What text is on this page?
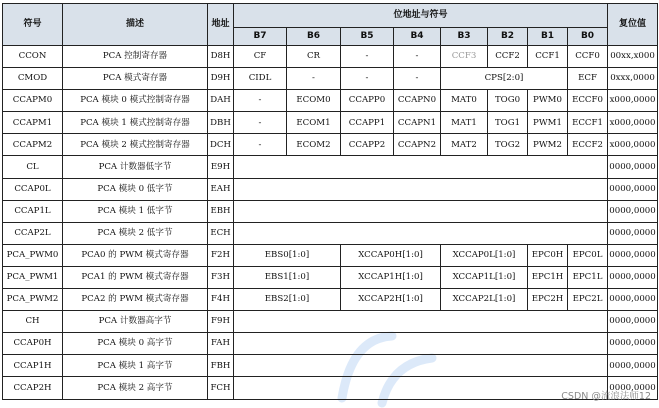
符号	描述	地址	位地址与符号								复位值
			B7	B6	B5	B4	B3	B2	B1	B0	
CCON	PCA 控制寄存器	D8H	CF	CR	-	-	CCF3	CCF2	CCF1	CCF0	00xx,x000
CMOD	PCA 模式寄存器	D9H	CIDL	-	-	-	CPS[2:0]			ECF	0xxx,0000
CCAPM0	PCA 模块 0 模式控制寄存器	DAH	-	ECOM0	CCAPP0	CCAPN0	MAT0	TOG0	PWM0	ECCF0	x000,0000
CCAPM1	PCA 模块 1 模式控制寄存器	DBH	-	ECOM1	CCAPP1	CCAPN1	MAT1	TOG1	PWM1	ECCF1	x000,0000
CCAPM2	PCA 模块 2 模式控制寄存器	DCH	-	ECOM2	CCAPP2	CCAPN2	MAT2	TOG2	PWM2	ECCF2	x000,0000
CL	PCA 计数器低字节	E9H									0000,0000
CCAP0L	PCA 模块 0 低字节	EAH									0000,0000
CCAP1L	PCA 模块 1 低字节	EBH									0000,0000
CCAP2L	PCA 模块 2 低字节	ECH									0000,0000
PCA_PWM0	PCA0 的 PWM 模式寄存器	F2H	EBS0[1:0]		XCCAP0H[1:0]		XCCAP0L[1:0]		EPC0H	EPC0L	0000,0000
PCA_PWM1	PCA1 的 PWM 模式寄存器	F3H	EBS1[1:0]		XCCAP1H[1:0]		XCCAP1L[1:0]		EPC1H	EPC1L	0000,0000
PCA_PWM2	PCA2 的 PWM 模式寄存器	F4H	EBS2[1:0]		XCCAP2H[1:0]		XCCAP2L[1:0]		EPC2H	EPC2L	0000,0000
CH	PCA 计数器高字节	F9H									0000,0000
CCAP0H	PCA 模块 0 高字节	FAH									0000,0000
CCAP1H	PCA 模块 1 高字节	FBH									0000,0000
CCAP2H	PCA 模块 2 高字节	FCH									0000,0000
CSDN @流浪法师12
